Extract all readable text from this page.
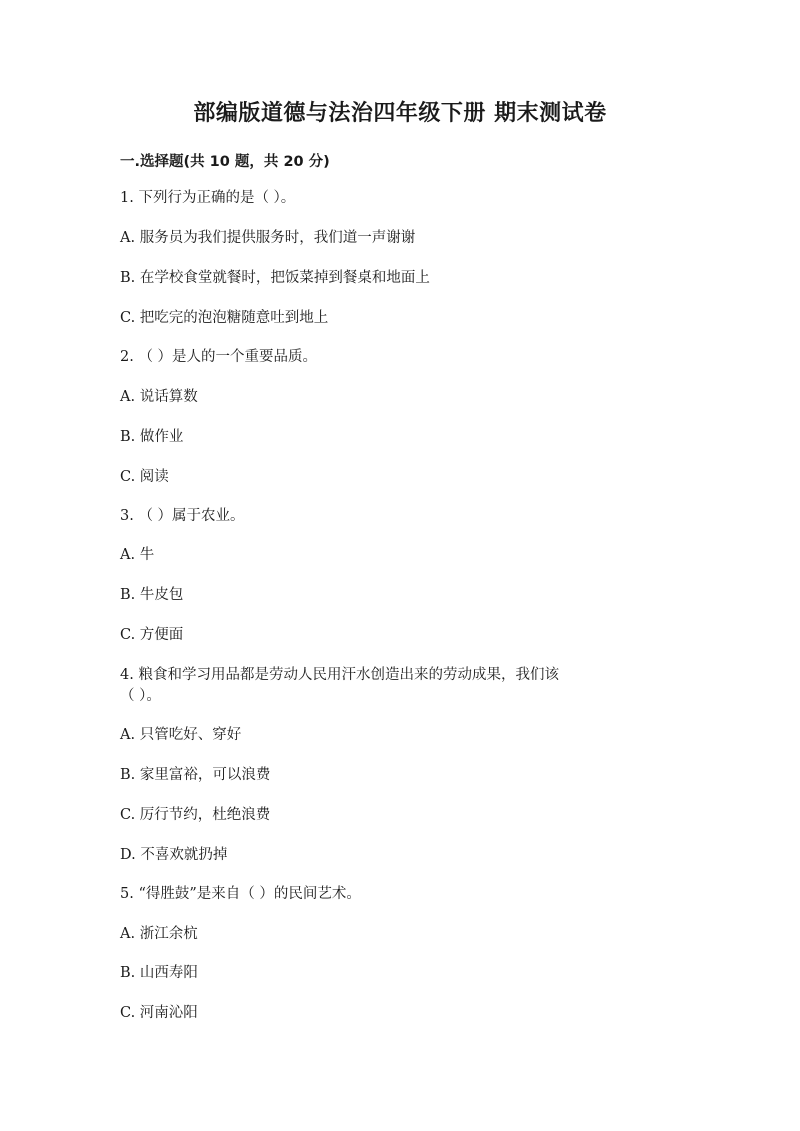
部编版道德与法治四年级下册 期末测试卷
一.选择题(共 10 题，共 20 分)
1. 下列行为正确的是（ ）。
A. 服务员为我们提供服务时，我们道一声谢谢
B. 在学校食堂就餐时，把饭菜掉到餐桌和地面上
C. 把吃完的泡泡糖随意吐到地上
2. （ ）是人的一个重要品质。
A. 说话算数
B. 做作业
C. 阅读
3. （ ）属于农业。
A. 牛
B. 牛皮包
C. 方便面
4. 粮食和学习用品都是劳动人民用汗水创造出来的劳动成果，我们该
（ ）。
A. 只管吃好、穿好
B. 家里富裕，可以浪费
C. 厉行节约，杜绝浪费
D. 不喜欢就扔掉
5. “得胜鼓”是来自（ ）的民间艺术。
A. 浙江余杭
B. 山西寿阳
C. 河南沁阳
